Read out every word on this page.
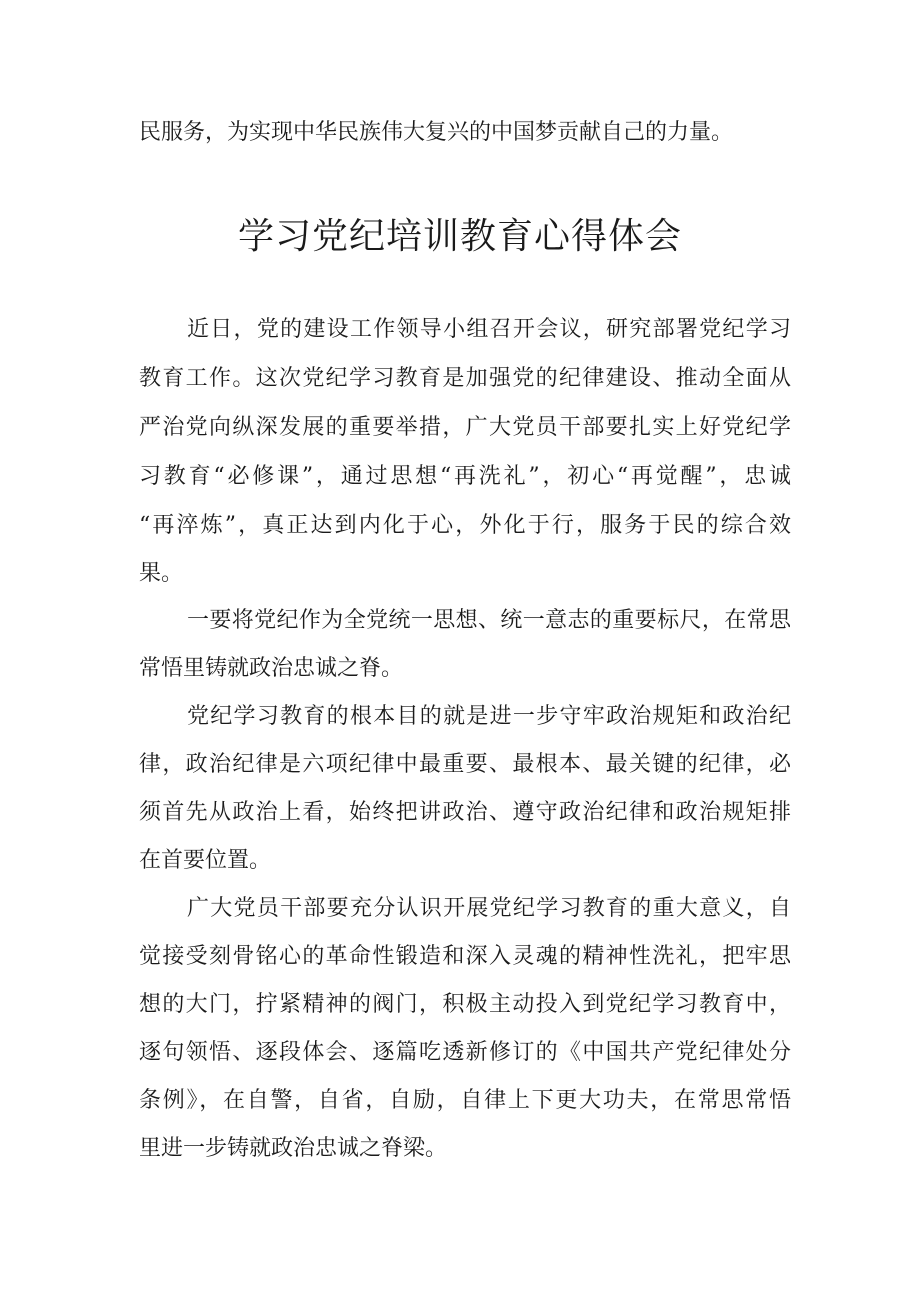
民服务，为实现中华民族伟大复兴的中国梦贡献自己的力量。
学习党纪培训教育心得体会
近日，党的建设工作领导小组召开会议，研究部署党纪学习
教育工作。这次党纪学习教育是加强党的纪律建设、推动全面从
严治党向纵深发展的重要举措，广大党员干部要扎实上好党纪学
习教育“必修课”，通过思想“再洗礼”，初心“再觉醒”，忠诚
“再淬炼”，真正达到内化于心，外化于行，服务于民的综合效
果。
一要将党纪作为全党统一思想、统一意志的重要标尺，在常思
常悟里铸就政治忠诚之脊。
党纪学习教育的根本目的就是进一步守牢政治规矩和政治纪
律，政治纪律是六项纪律中最重要、最根本、最关键的纪律，必
须首先从政治上看，始终把讲政治、遵守政治纪律和政治规矩排
在首要位置。
广大党员干部要充分认识开展党纪学习教育的重大意义，自
觉接受刻骨铭心的革命性锻造和深入灵魂的精神性洗礼，把牢思
想的大门，拧紧精神的阀门，积极主动投入到党纪学习教育中，
逐句领悟、逐段体会、逐篇吃透新修订的《中国共产党纪律处分
条例》，在自警，自省，自励，自律上下更大功夫，在常思常悟
里进一步铸就政治忠诚之脊梁。
